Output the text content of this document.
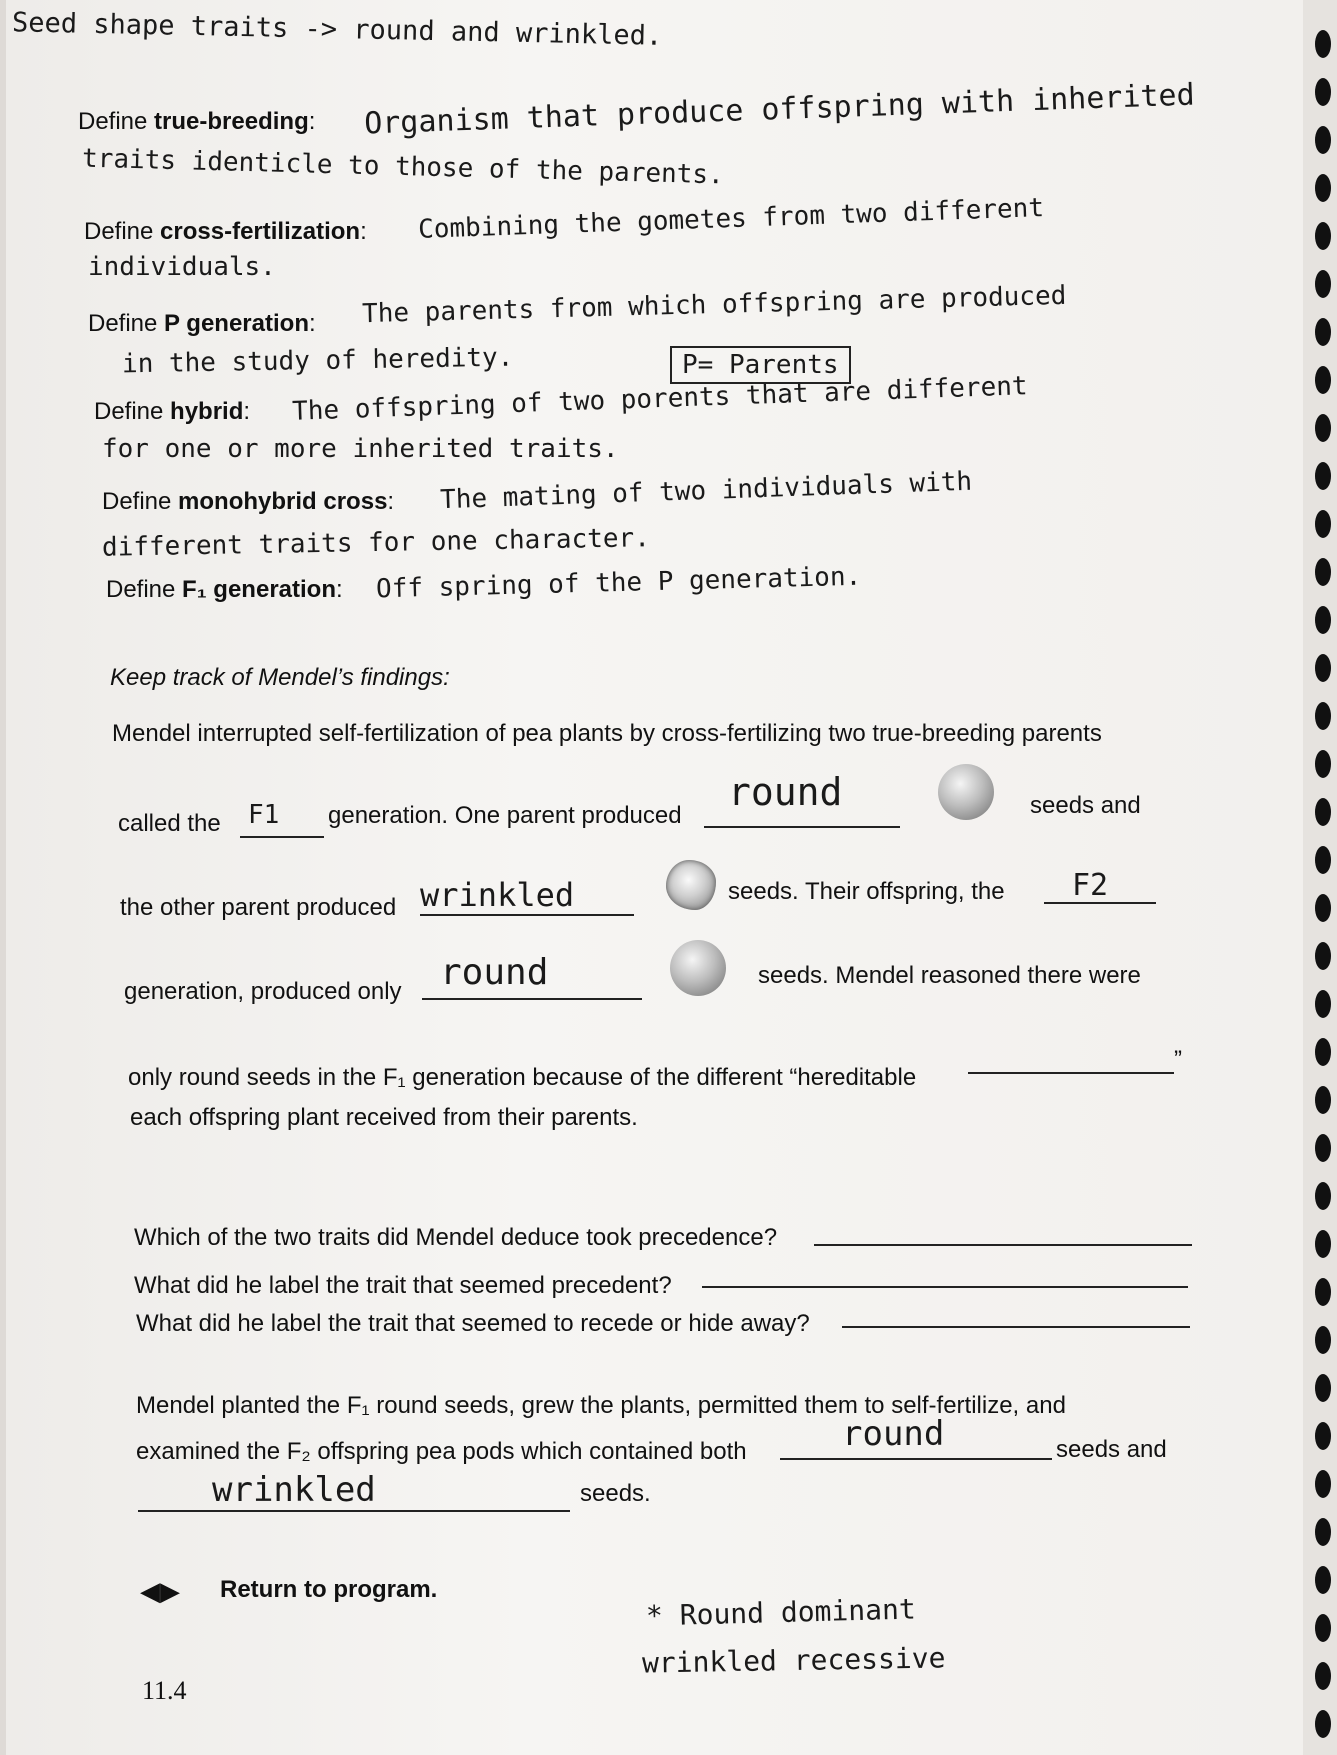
Seed shape traits -> round and wrinkled.
Define true-breeding: Organism that produce offspring with inherited
traits identicle to those of the parents.
Define cross-fertilization: Combining the gometes from two different
individuals.
Define P generation: The parents from which offspring are produced
in the study of heredity.	P= Parents
Define hybrid: The offspring of two porents that are different
for one or more inherited traits.
Define monohybrid cross: The mating of two individuals with
different traits for one character.
Define F₁ generation: Off spring of the P generation.
Keep track of Mendel’s findings:
Mendel interrupted self-fertilization of pea plants by cross-fertilizing two true-breeding parents
called the F1 generation. One parent produced
round	seeds and
the other parent produced wrinkled	seeds. Their offspring, the F2
generation, produced only round	seeds. Mendel reasoned there were
only round seeds in the F₁ generation because of the different “hereditable
”
each offspring plant received from their parents.
Which of the two traits did Mendel deduce took precedence?
What did he label the trait that seemed precedent?
What did he label the trait that seemed to recede or hide away?
Mendel planted the F₁ round seeds, grew the plants, permitted them to self-fertilize, and
examined the F₂ offspring pea pods which contained both	round	seeds and
wrinkled	seeds.
◀▶ Return to program.
* Round dominant
wrinkled recessive
11.4
